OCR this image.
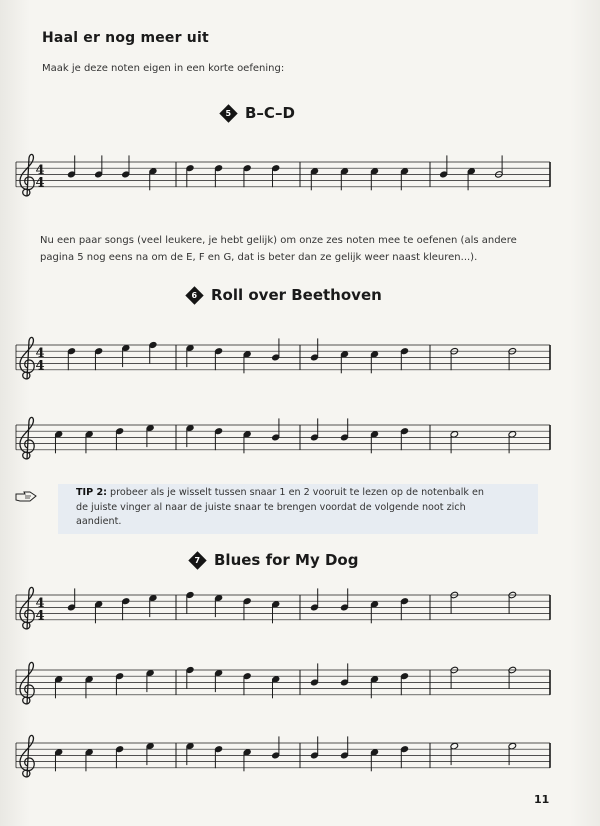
Haal er nog meer uit
Maak je deze noten eigen in een korte oefening:
5 B–C–D
4
4
Nu een paar songs (veel leukere, je hebt gelijk) om onze zes noten mee te oefenen (als andere pagina 5 nog eens na om de E, F en G, dat is beter dan ze gelijk weer naast kleuren...).
6 Roll over Beethoven
4
4
TIP 2: probeer als je wisselt tussen snaar 1 en 2 vooruit te lezen op de notenbalk en de juiste vinger al naar de juiste snaar te brengen voordat de volgende noot zich aandient.
7 Blues for My Dog
4
4
11
